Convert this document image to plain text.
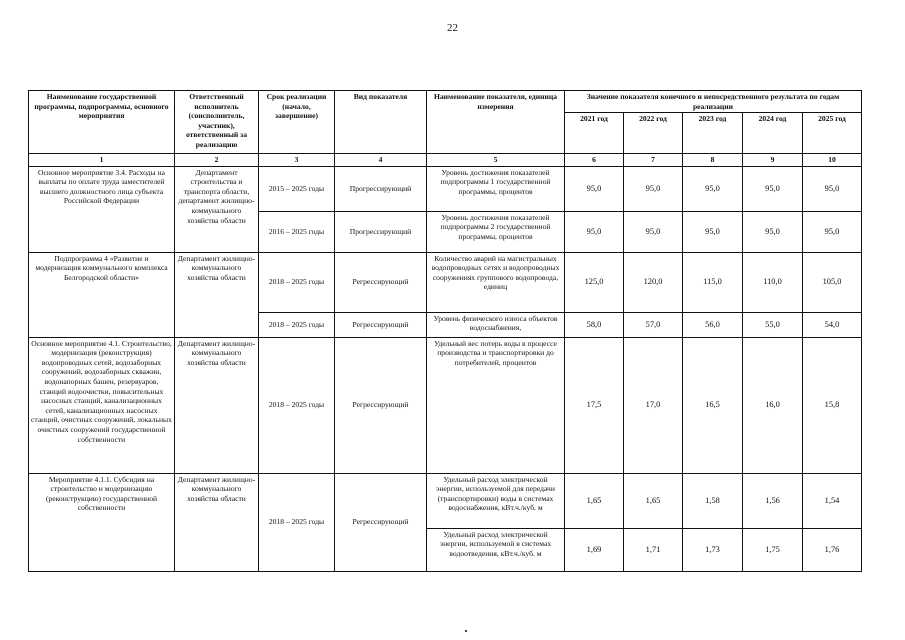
22
Наименование государственной программы, подпрограммы, основного мероприятия	Ответственный исполнитель (соисполнитель, участник), ответственный за реализацию	Срок реализации (начало, завершение)	Вид показателя	Наименование показателя, единица измерения	Значение показателя конечного и непосредственного результата по годам реализации				
					2021 год	2022 год	2023 год	2024 год	2025 год
1	2	3	4	5	6	7	8	9	10
Основное мероприятие 3.4. Расходы на выплаты по оплате труда заместителей высшего должностного лица субъекта Российской Федерации	Департамент строительства и транспорта области, департамент жилищно-коммунального хозяйства области	2015 – 2025 годы	Прогрессирующий	Уровень достижения показателей подпрограммы 1 государственной программы, процентов	95,0	95,0	95,0	95,0	95,0
		2016 – 2025 годы	Прогрессирующий	Уровень достижения показателей подпрограммы 2 государственной программы, процентов	95,0	95,0	95,0	95,0	95,0
Подпрограмма 4 «Развитие и модернизация коммунального комплекса Белгородской области»	Департамент жилищно-коммунального хозяйства области	2018 – 2025 годы	Регрессирующий	Количество аварий на магистральных водопроводных сетях и водопроводных сооружениях группового водопровода, единиц	125,0	120,0	115,0	110,0	105,0
		2018 – 2025 годы	Регрессирующий	Уровень физического износа объектов водоснабжения,	58,0	57,0	56,0	55,0	54,0
Основное мероприятие 4.1. Строительство, модернизация (реконструкция) водопроводных сетей, водозаборных сооружений, водозаборных скважин, водонапорных башен, резервуаров, станций водоочистки, повысительных насосных станций, канализационных сетей, канализационных насосных станций, очистных сооружений, локальных очистных сооружений государственной собственности	Департамент жилищно-коммунального хозяйства области	2018 – 2025 годы	Регрессирующий	Удельный вес потерь воды в процессе производства и транспортировки до потребителей, процентов	17,5	17,0	16,5	16,0	15,8
Мероприятие 4.1.1. Субсидия на строительство и модернизацию (реконструкцию) государственной собственности	Департамент жилищно-коммунального хозяйства области	2018 – 2025 годы	Регрессирующий	Удельный расход электрической энергии, используемой для передачи (транспортировки) воды в системах водоснабжения, кВт.ч./куб. м	1,65	1,65	1,58	1,56	1,54
				Удельный расход электрической энергии, используемой в системах водоотведения, кВт.ч./куб. м	1,69	1,71	1,73	1,75	1,76
